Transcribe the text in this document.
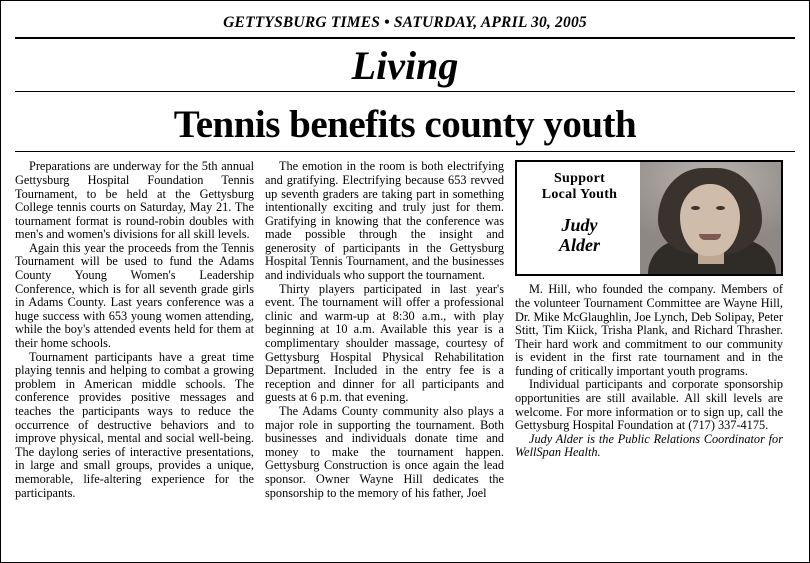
GETTYSBURG TIMES • SATURDAY, APRIL 30, 2005
Living
Tennis benefits county youth

Preparations are underway for the 5th annual Gettysburg Hospital Foundation Tennis Tournament, to be held at the Gettysburg College tennis courts on Saturday, May 21. The tournament format is round-robin doubles with men's and women's divisions for all skill levels.

Again this year the proceeds from the Tennis Tournament will be used to fund the Adams County Young Women's Leadership Conference, which is for all seventh grade girls in Adams County. Last years conference was a huge success with 653 young women attending, while the boy's attended events held for them at their home schools.

Tournament participants have a great time playing tennis and helping to combat a growing problem in American middle schools. The conference provides positive messages and teaches the participants ways to reduce the occurrence of destructive behaviors and to improve physical, mental and social well-being. The daylong series of interactive presentations, in large and small groups, provides a unique, memorable, life-altering experience for the participants.

The emotion in the room is both electrifying and gratifying. Electrifying because 653 revved up seventh graders are taking part in something intentionally exciting and truly just for them. Gratifying in knowing that the conference was made possible through the insight and generosity of participants in the Gettysburg Hospital Tennis Tournament, and the businesses and individuals who support the tournament.

Thirty players participated in last year's event. The tournament will offer a professional clinic and warm-up at 8:30 a.m., with play beginning at 10 a.m. Available this year is a complimentary shoulder massage, courtesy of Gettysburg Hospital Physical Rehabilitation Department. Included in the entry fee is a reception and dinner for all participants and guests at 6 p.m. that evening.

The Adams County community also plays a major role in supporting the tournament. Both businesses and individuals donate time and money to make the tournament happen. Gettysburg Construction is once again the lead sponsor. Owner Wayne Hill dedicates the sponsorship to the memory of his father, Joel

Support
Local Youth
Judy
Alder

M. Hill, who founded the company. Members of the volunteer Tournament Committee are Wayne Hill, Dr. Mike McGlaughlin, Joe Lynch, Deb Solipay, Peter Stitt, Tim Kiick, Trisha Plank, and Richard Thrasher. Their hard work and commitment to our community is evident in the first rate tournament and in the funding of critically important youth programs.

Individual participants and corporate sponsorship opportunities are still available. All skill levels are welcome. For more information or to sign up, call the Gettysburg Hospital Foundation at (717) 337-4175.

Judy Alder is the Public Relations Coordinator for WellSpan Health.
